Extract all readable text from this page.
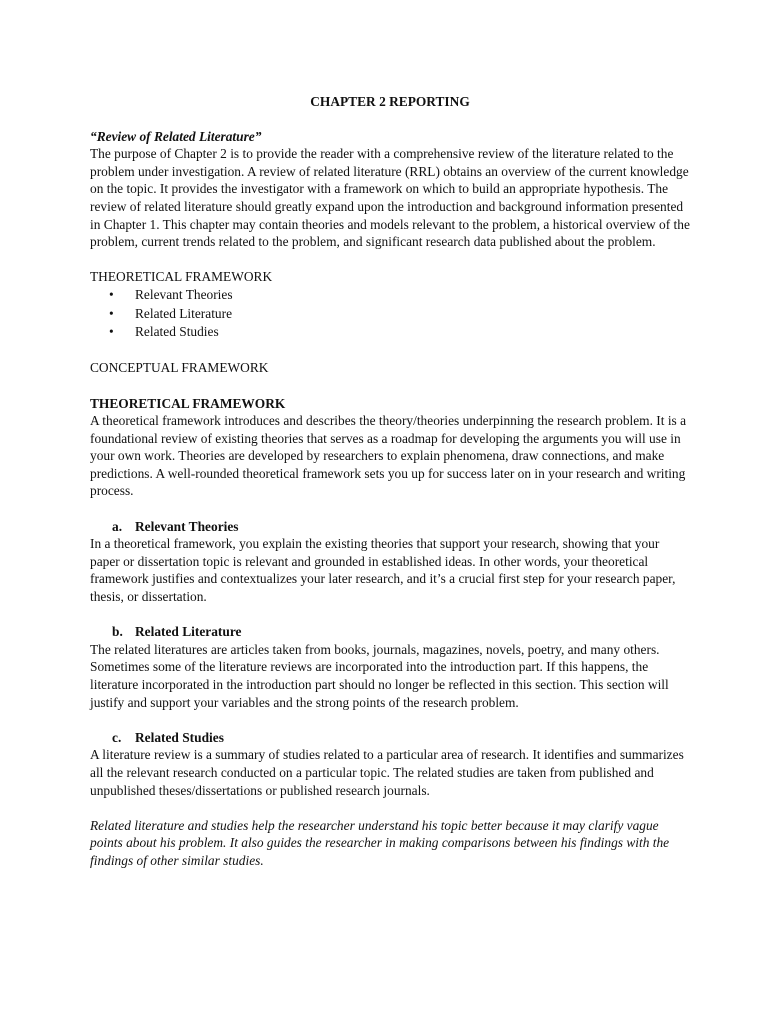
CHAPTER 2 REPORTING
“Review of Related Literature”

The purpose of Chapter 2 is to provide the reader with a comprehensive review of the literature related to the problem under investigation. A review of related literature (RRL) obtains an overview of the current knowledge on the topic. It provides the investigator with a framework on which to build an appropriate hypothesis. The review of related literature should greatly expand upon the introduction and background information presented in Chapter 1. This chapter may contain theories and models relevant to the problem, a historical overview of the problem, current trends related to the problem, and significant research data published about the problem.

THEORETICAL FRAMEWORK
• Relevant Theories
• Related Literature
• Related Studies
CONCEPTUAL FRAMEWORK
THEORETICAL FRAMEWORK

A theoretical framework introduces and describes the theory/theories underpinning the research problem. It is a foundational review of existing theories that serves as a roadmap for developing the arguments you will use in your own work. Theories are developed by researchers to explain phenomena, draw connections, and make predictions. A well-rounded theoretical framework sets you up for success later on in your research and writing process.

a. Relevant Theories

In a theoretical framework, you explain the existing theories that support your research, showing that your paper or dissertation topic is relevant and grounded in established ideas. In other words, your theoretical framework justifies and contextualizes your later research, and it’s a crucial first step for your research paper, thesis, or dissertation.

b. Related Literature

The related literatures are articles taken from books, journals, magazines, novels, poetry, and many others. Sometimes some of the literature reviews are incorporated into the introduction part. If this happens, the literature incorporated in the introduction part should no longer be reflected in this section. This section will justify and support your variables and the strong points of the research problem.

c. Related Studies

A literature review is a summary of studies related to a particular area of research. It identifies and summarizes all the relevant research conducted on a particular topic. The related studies are taken from published and unpublished theses/dissertations or published research journals.

Related literature and studies help the researcher understand his topic better because it may clarify vague points about his problem. It also guides the researcher in making comparisons between his findings with the findings of other similar studies.
